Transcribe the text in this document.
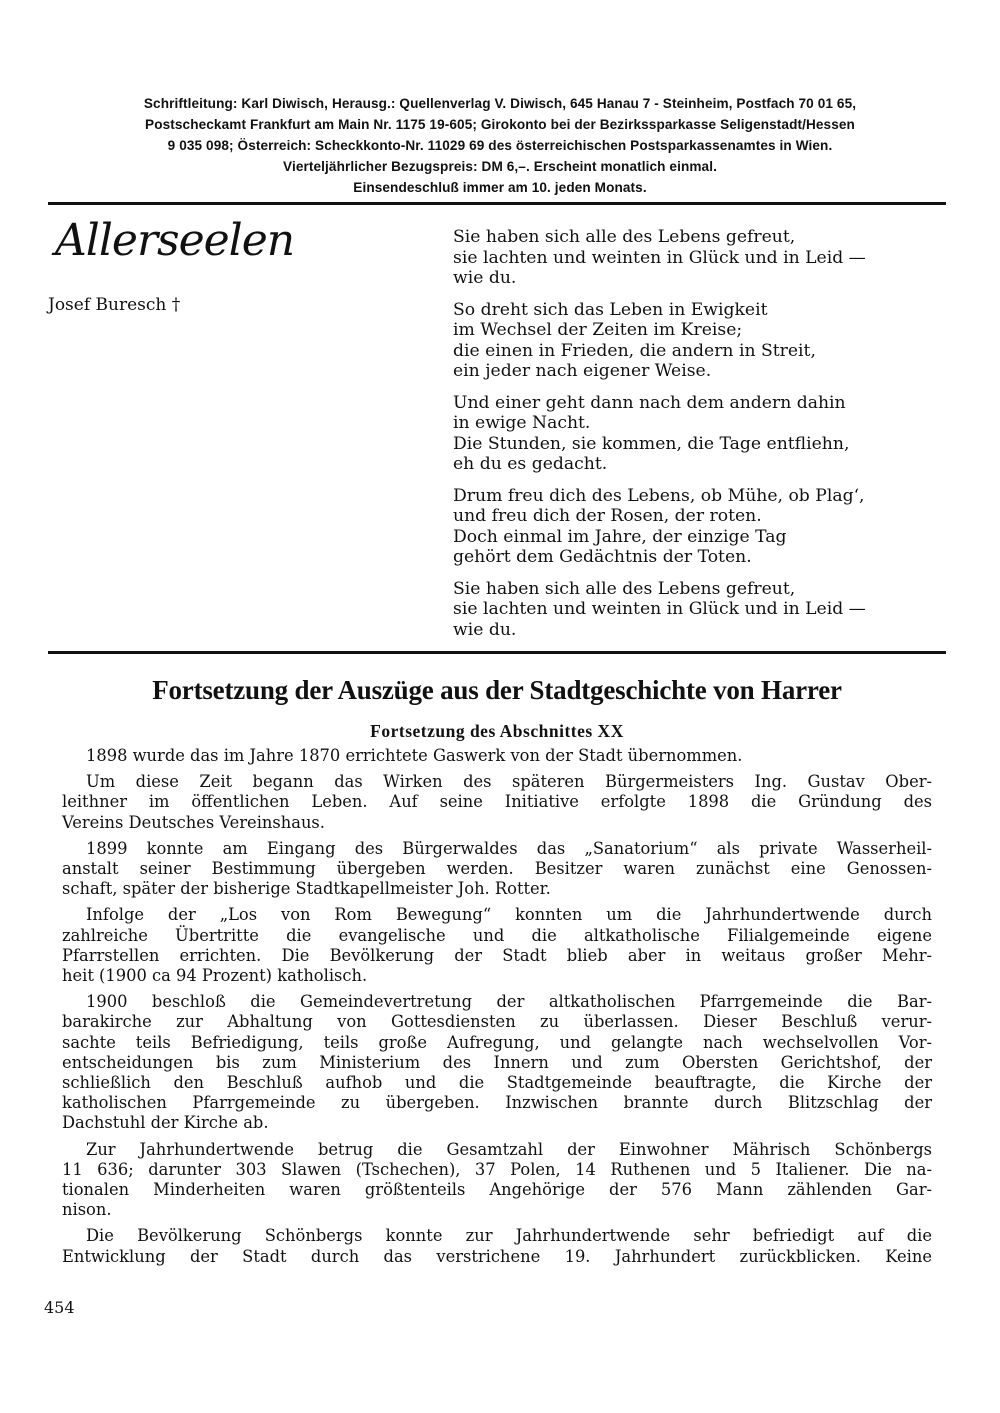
Schriftleitung: Karl Diwisch, Herausg.: Quellenverlag V. Diwisch, 645 Hanau 7 - Steinheim, Postfach 70 01 65,
Postscheckamt Frankfurt am Main Nr. 1175 19-605; Girokonto bei der Bezirkssparkasse Seligenstadt/Hessen
9 035 098; Österreich: Scheckkonto-Nr. 11029 69 des österreichischen Postsparkassenamtes in Wien.
Vierteljährlicher Bezugspreis: DM 6,–. Erscheint monatlich einmal.
Einsendeschluß immer am 10. jeden Monats.
Allerseelen
Josef Buresch †
Sie haben sich alle des Lebens gefreut,
sie lachten und weinten in Glück und in Leid —
wie du.
So dreht sich das Leben in Ewigkeit
im Wechsel der Zeiten im Kreise;
die einen in Frieden, die andern in Streit,
ein jeder nach eigener Weise.
Und einer geht dann nach dem andern dahin
in ewige Nacht.
Die Stunden, sie kommen, die Tage entfliehn,
eh du es gedacht.
Drum freu dich des Lebens, ob Mühe, ob Plag‘,
und freu dich der Rosen, der roten.
Doch einmal im Jahre, der einzige Tag
gehört dem Gedächtnis der Toten.
Sie haben sich alle des Lebens gefreut,
sie lachten und weinten in Glück und in Leid —
wie du.
Fortsetzung der Auszüge aus der Stadtgeschichte von Harrer
Fortsetzung des Abschnittes XX
1898 wurde das im Jahre 1870 errichtete Gaswerk von der Stadt übernommen.
Um diese Zeit begann das Wirken des späteren Bürgermeisters Ing. Gustav Ober-
leithner im öffentlichen Leben. Auf seine Initiative erfolgte 1898 die Gründung des
Vereins Deutsches Vereinshaus.
1899 konnte am Eingang des Bürgerwaldes das „Sanatorium“ als private Wasserheil-
anstalt seiner Bestimmung übergeben werden. Besitzer waren zunächst eine Genossen-
schaft, später der bisherige Stadtkapellmeister Joh. Rotter.
Infolge der „Los von Rom Bewegung“ konnten um die Jahrhundertwende durch
zahlreiche Übertritte die evangelische und die altkatholische Filialgemeinde eigene
Pfarrstellen errichten. Die Bevölkerung der Stadt blieb aber in weitaus großer Mehr-
heit (1900 ca 94 Prozent) katholisch.
1900 beschloß die Gemeindevertretung der altkatholischen Pfarrgemeinde die Bar-
barakirche zur Abhaltung von Gottesdiensten zu überlassen. Dieser Beschluß verur-
sachte teils Befriedigung, teils große Aufregung, und gelangte nach wechselvollen Vor-
entscheidungen bis zum Ministerium des Innern und zum Obersten Gerichtshof, der
schließlich den Beschluß aufhob und die Stadtgemeinde beauftragte, die Kirche der
katholischen Pfarrgemeinde zu übergeben. Inzwischen brannte durch Blitzschlag der
Dachstuhl der Kirche ab.
Zur Jahrhundertwende betrug die Gesamtzahl der Einwohner Mährisch Schönbergs
11 636; darunter 303 Slawen (Tschechen), 37 Polen, 14 Ruthenen und 5 Italiener. Die na-
tionalen Minderheiten waren größtenteils Angehörige der 576 Mann zählenden Gar-
nison.
Die Bevölkerung Schönbergs konnte zur Jahrhundertwende sehr befriedigt auf die
Entwicklung der Stadt durch das verstrichene 19. Jahrhundert zurückblicken. Keine
454
